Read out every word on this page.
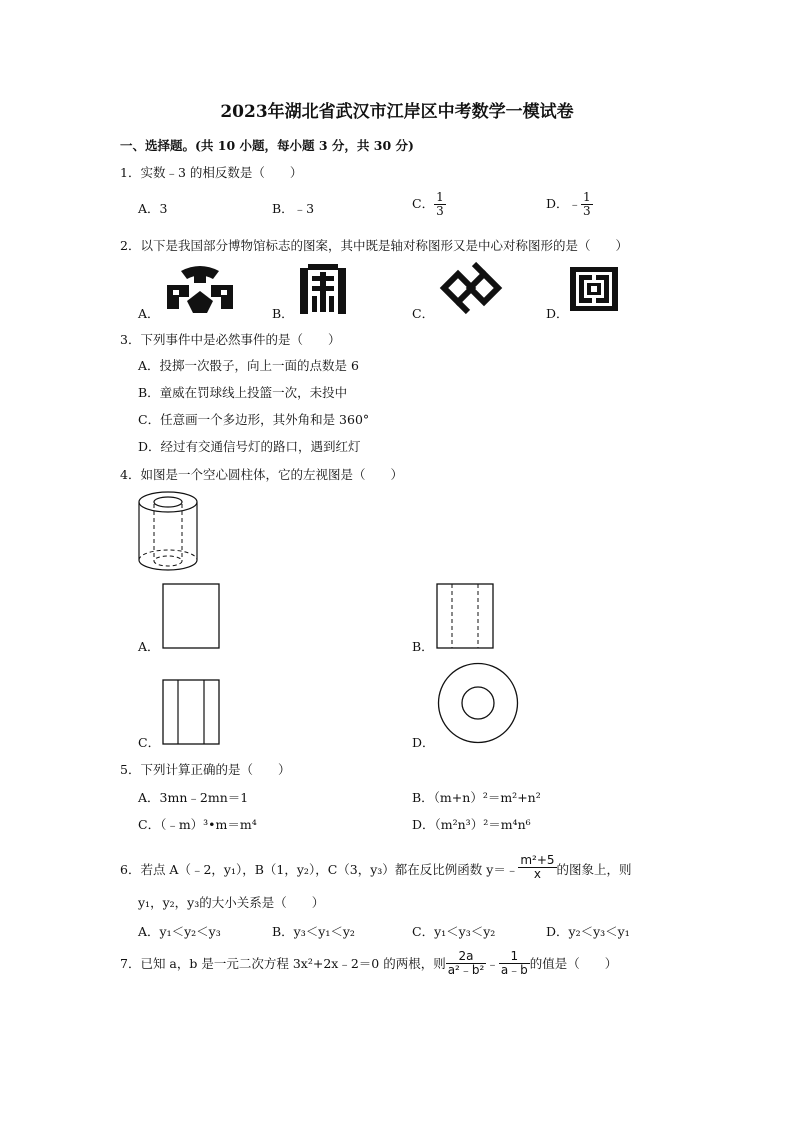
2023年湖北省武汉市江岸区中考数学一模试卷
一、选择题。(共 10 小题，每小题 3 分，共 30 分)
1．实数﹣3 的相反数是（　　）
A．3	B．﹣3	C． $\frac{1}{3}$	D．﹣ $\frac{1}{3}$
2．以下是我国部分博物馆标志的图案，其中既是轴对称图形又是中心对称图形的是（　　）
A．	B．	C．	D．
3．下列事件中是必然事件的是（　　）
A．投掷一次骰子，向上一面的点数是 6
B．童威在罚球线上投篮一次，未投中
C．任意画一个多边形，其外角和是 360°
D．经过有交通信号灯的路口，遇到红灯
4．如图是一个空心圆柱体，它的左视图是（　　）
A．	B．
C．	D．
5．下列计算正确的是（　　）
A．3mn﹣2mn＝1	B．（m+n）²＝m²+n²
C．（﹣m）³•m＝m⁴	D．（m²n³）²＝m⁴n⁶
6．若点 A（﹣2，y₁），B（1，y₂），C（3，y₃）都在反比例函数 y＝﹣ $\frac{\text{m²+5}}{x}$ 的图象上，则
y₁，y₂，y₃的大小关系是（　　）
A．y₁＜y₂＜y₃	B．y₃＜y₁＜y₂	C．y₁＜y₃＜y₂	D．y₂＜y₃＜y₁
7．已知 a，b 是一元二次方程 3x²+2x﹣2＝0 的两根，则 $\frac{2a}{\text{a²﹣b²}}$ ﹣ $\frac{1}{a﹣b}$ 的值是（　　）
